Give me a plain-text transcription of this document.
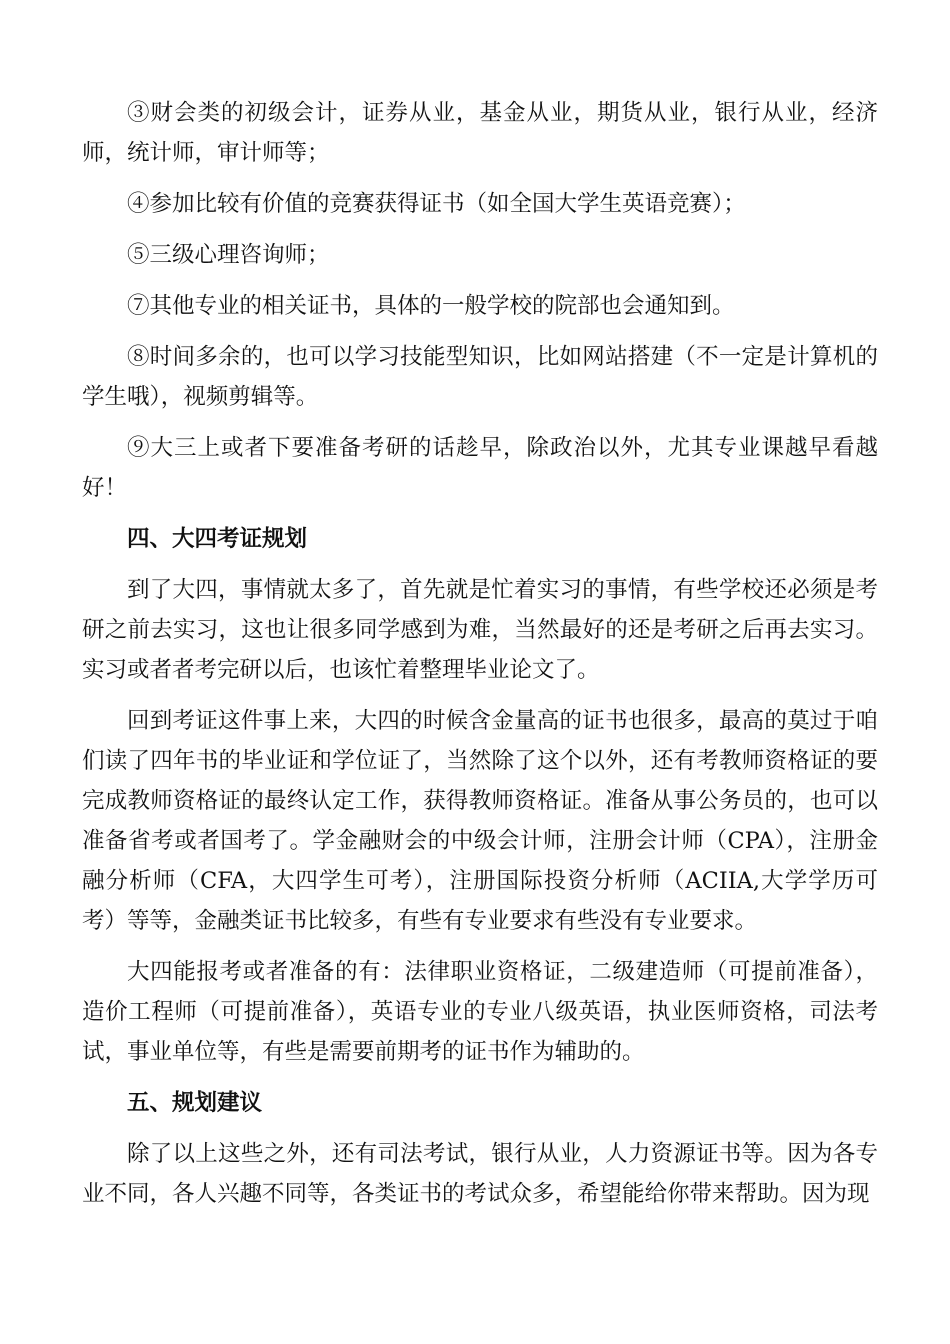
③财会类的初级会计，证券从业，基金从业，期货从业，银行从业，经济师，统计师，审计师等；

④参加比较有价值的竞赛获得证书（如全国大学生英语竞赛）；

⑤三级心理咨询师；

⑦其他专业的相关证书，具体的一般学校的院部也会通知到。

⑧时间多余的，也可以学习技能型知识，比如网站搭建（不一定是计算机的学生哦），视频剪辑等。

⑨大三上或者下要准备考研的话趁早，除政治以外，尤其专业课越早看越好！

四、大四考证规划

到了大四，事情就太多了，首先就是忙着实习的事情，有些学校还必须是考研之前去实习，这也让很多同学感到为难，当然最好的还是考研之后再去实习。实习或者者考完研以后，也该忙着整理毕业论文了。

回到考证这件事上来，大四的时候含金量高的证书也很多，最高的莫过于咱们读了四年书的毕业证和学位证了，当然除了这个以外，还有考教师资格证的要完成教师资格证的最终认定工作，获得教师资格证。准备从事公务员的，也可以准备省考或者国考了。学金融财会的中级会计师，注册会计师（CPA），注册金融分析师（CFA，大四学生可考），注册国际投资分析师（ACIIA,大学学历可考）等等，金融类证书比较多，有些有专业要求有些没有专业要求。

大四能报考或者准备的有：法律职业资格证，二级建造师（可提前准备），造价工程师（可提前准备），英语专业的专业八级英语，执业医师资格，司法考试，事业单位等，有些是需要前期考的证书作为辅助的。

五、规划建议

除了以上这些之外，还有司法考试，银行从业，人力资源证书等。因为各专业不同，各人兴趣不同等，各类证书的考试众多，希望能给你带来帮助。因为现
